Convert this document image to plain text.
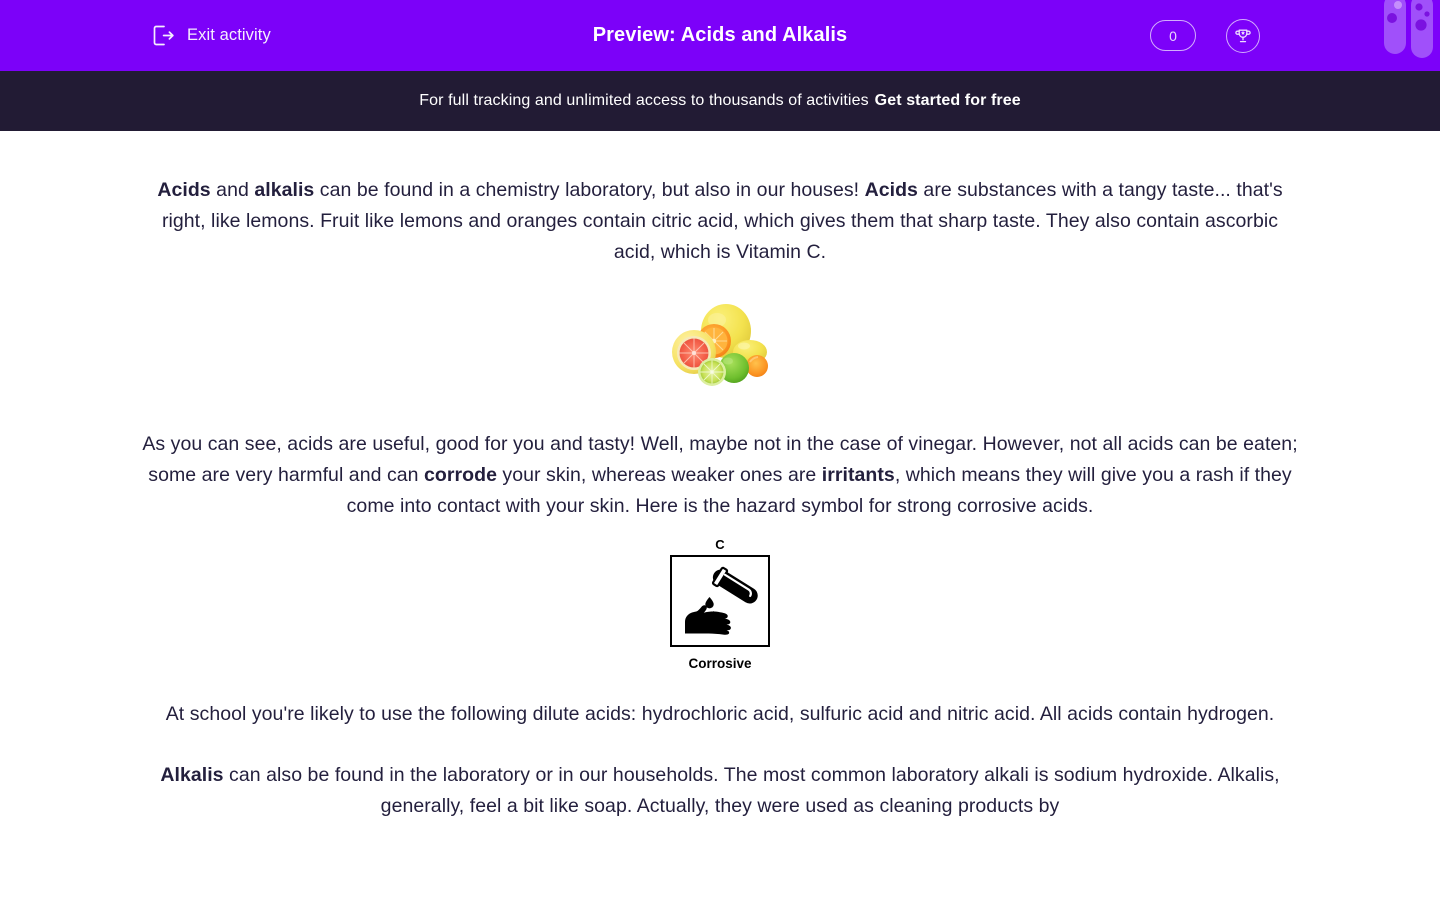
Exit activity	Preview: Acids and Alkalis	0
For full tracking and unlimited access to thousands of activities Get started for free

Acids and alkalis can be found in a chemistry laboratory, but also in our houses! Acids are substances with a tangy taste... that's right, like lemons. Fruit like lemons and oranges contain citric acid, which gives them that sharp taste. They also contain ascorbic acid, which is Vitamin C.

As you can see, acids are useful, good for you and tasty! Well, maybe not in the case of vinegar. However, not all acids can be eaten; some are very harmful and can corrode your skin, whereas weaker ones are irritants, which means they will give you a rash if they come into contact with your skin. Here is the hazard symbol for strong corrosive acids.

C
Corrosive

At school you're likely to use the following dilute acids: hydrochloric acid, sulfuric acid and nitric acid. All acids contain hydrogen.

Alkalis can also be found in the laboratory or in our households. The most common laboratory alkali is sodium hydroxide. Alkalis, generally, feel a bit like soap. Actually, they were used as cleaning products by
